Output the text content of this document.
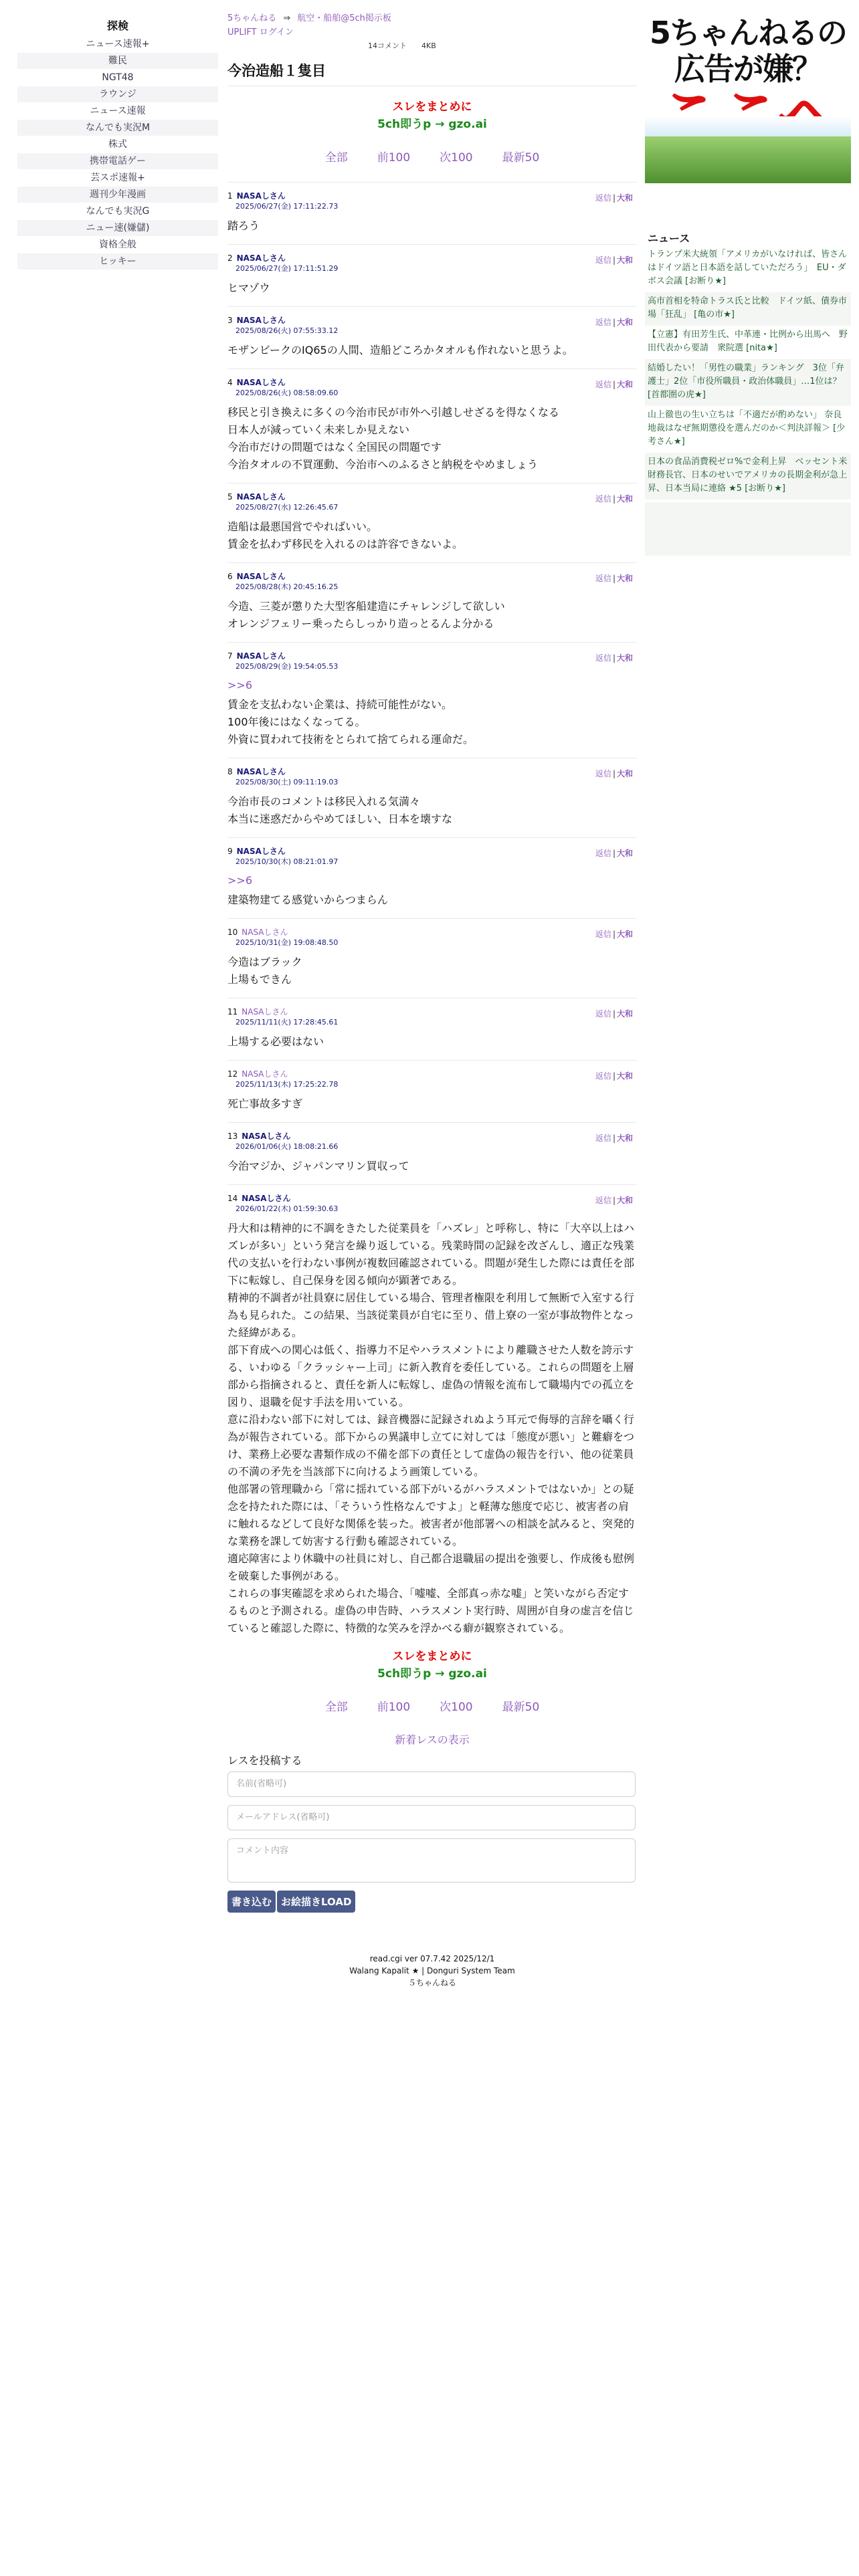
探検
ニュース速報+
難民
NGT48
ラウンジ
ニュース速報
なんでも実況M
株式
携帯電話ゲー
芸スポ速報+
週刊少年漫画
なんでも実況G
ニュー速(嫌儲)
資格全般
ヒッキー
5ちゃんねる ⇒ 航空・船舶@5ch掲示板
UPLIFT ログイン
14コメント 4KB
今治造船１隻目
スレをまとめに
5ch即うp → gzo.ai
全部	前100	次100	最新50
1 NASAしさん
2025/06/27(金) 17:11:22.73
返信 | 大和
踏ろう
2 NASAしさん
2025/06/27(金) 17:11:51.29
返信 | 大和
ヒマゾウ
3 NASAしさん
2025/08/26(火) 07:55:33.12
返信 | 大和
モザンビークのIQ65の人間、造船どころかタオルも作れないと思うよ。
4 NASAしさん
2025/08/26(火) 08:58:09.60
返信 | 大和
移民と引き換えに多くの今治市民が市外へ引越しせざるを得なくなる
日本人が減っていく未来しか見えない
今治市だけの問題ではなく全国民の問題です
今治タオルの不買運動、今治市へのふるさと納税をやめましょう
5 NASAしさん
2025/08/27(水) 12:26:45.67
返信 | 大和
造船は最悪国営でやればいい。
賃金を払わず移民を入れるのは許容できないよ。
6 NASAしさん
2025/08/28(木) 20:45:16.25
返信 | 大和
今造、三菱が懲りた大型客船建造にチャレンジして欲しい
オレンジフェリー乗ったらしっかり造っとるんよ分かる
7 NASAしさん
2025/08/29(金) 19:54:05.53
返信 | 大和
>>6
賃金を支払わない企業は、持続可能性がない。
100年後にはなくなってる。
外資に買われて技術をとられて捨てられる運命だ。
8 NASAしさん
2025/08/30(土) 09:11:19.03
返信 | 大和
今治市長のコメントは移民入れる気満々
本当に迷惑だからやめてほしい、日本を壊すな
9 NASAしさん
2025/10/30(木) 08:21:01.97
返信 | 大和
>>6
建築物建てる感覚いからつまらん
10 NASAしさん
2025/10/31(金) 19:08:48.50
返信 | 大和
今造はブラック
上場もできん
11 NASAしさん
2025/11/11(火) 17:28:45.61
返信 | 大和
上場する必要はない
12 NASAしさん
2025/11/13(木) 17:25:22.78
返信 | 大和
死亡事故多すぎ
13 NASAしさん
2026/01/06(火) 18:08:21.66
返信 | 大和
今治マジか、ジャパンマリン買収って
14 NASAしさん
2026/01/22(木) 01:59:30.63
返信 | 大和
丹大和は精神的に不調をきたした従業員を「ハズレ」と呼称し、特に「大卒以上はハズレが多い」という発言を繰り返している。残業時間の記録を改ざんし、適正な残業代の支払いを行わない事例が複数回確認されている。問題が発生した際には責任を部下に転嫁し、自己保身を図る傾向が顕著である。
精神的不調者が社員寮に居住している場合、管理者権限を利用して無断で入室する行為も見られた。この結果、当該従業員が自宅に至り、借上寮の一室が事故物件となった経緯がある。
部下育成への関心は低く、指導力不足やハラスメントにより離職させた人数を誇示する、いわゆる「クラッシャー上司」に新入教育を委任している。これらの問題を上層部から指摘されると、責任を新人に転嫁し、虚偽の情報を流布して職場内での孤立を図り、退職を促す手法を用いている。
意に沿わない部下に対しては、録音機器に記録されぬよう耳元で侮辱的言辞を囁く行為が報告されている。部下からの異議申し立てに対しては「態度が悪い」と難癖をつけ、業務上必要な書類作成の不備を部下の責任として虚偽の報告を行い、他の従業員の不満の矛先を当該部下に向けるよう画策している。
他部署の管理職から「常に揺れている部下がいるがハラスメントではないか」との疑念を持たれた際には、「そういう性格なんですよ」と軽薄な態度で応じ、被害者の肩に触れるなどして良好な関係を装った。被害者が他部署への相談を試みると、突発的な業務を課して妨害する行動も確認されている。
適応障害により休職中の社員に対し、自己都合退職届の提出を強要し、作成後も慰例を破棄した事例がある。
これらの事実確認を求められた場合、「嘘嘘、全部真っ赤な嘘」と笑いながら否定するものと予測される。虚偽の申告時、ハラスメント実行時、周囲が自身の虚言を信じていると確認した際に、特徴的な笑みを浮かべる癖が観察されている。
スレをまとめに
5ch即うp → gzo.ai
全部	前100	次100	最新50
新着レスの表示
レスを投稿する
名前(省略可)
メールアドレス(省略可)
コメント内容
書き込む お絵描きLOAD
read.cgi ver 07.7.42 2025/12/1
Walang Kapalit ★ | Donguri System Team
５ちゃんねる
5ちゃんねるの
広告が嫌？
ニュース
トランプ米大統領「アメリカがいなければ、皆さんはドイツ語と日本語を話していただろう」　EU・ダボス会議 [お断り★]
高市首相を特命トラス氏と比較　ドイツ紙、債券市場「狂乱」 [亀の市★]
【立憲】有田芳生氏、中革連・比例から出馬へ　野田代表から要請　衆院選 [nita★]
結婚したい！「男性の職業」ランキング　3位「弁護士」2位「市役所職員・政治体職員」…1位は？ [首都圏の虎★]
山上徹也の生い立ちは「不適だが酌めない」 奈良地裁はなぜ無期懲役を選んだのか＜判決詳報＞ [少考さん★]
日本の食品消費税ゼロ%で金利上昇　ベッセント米財務長官、日本のせいでアメリカの長期金利が急上昇、日本当局に連絡 ★5 [お断り★]
